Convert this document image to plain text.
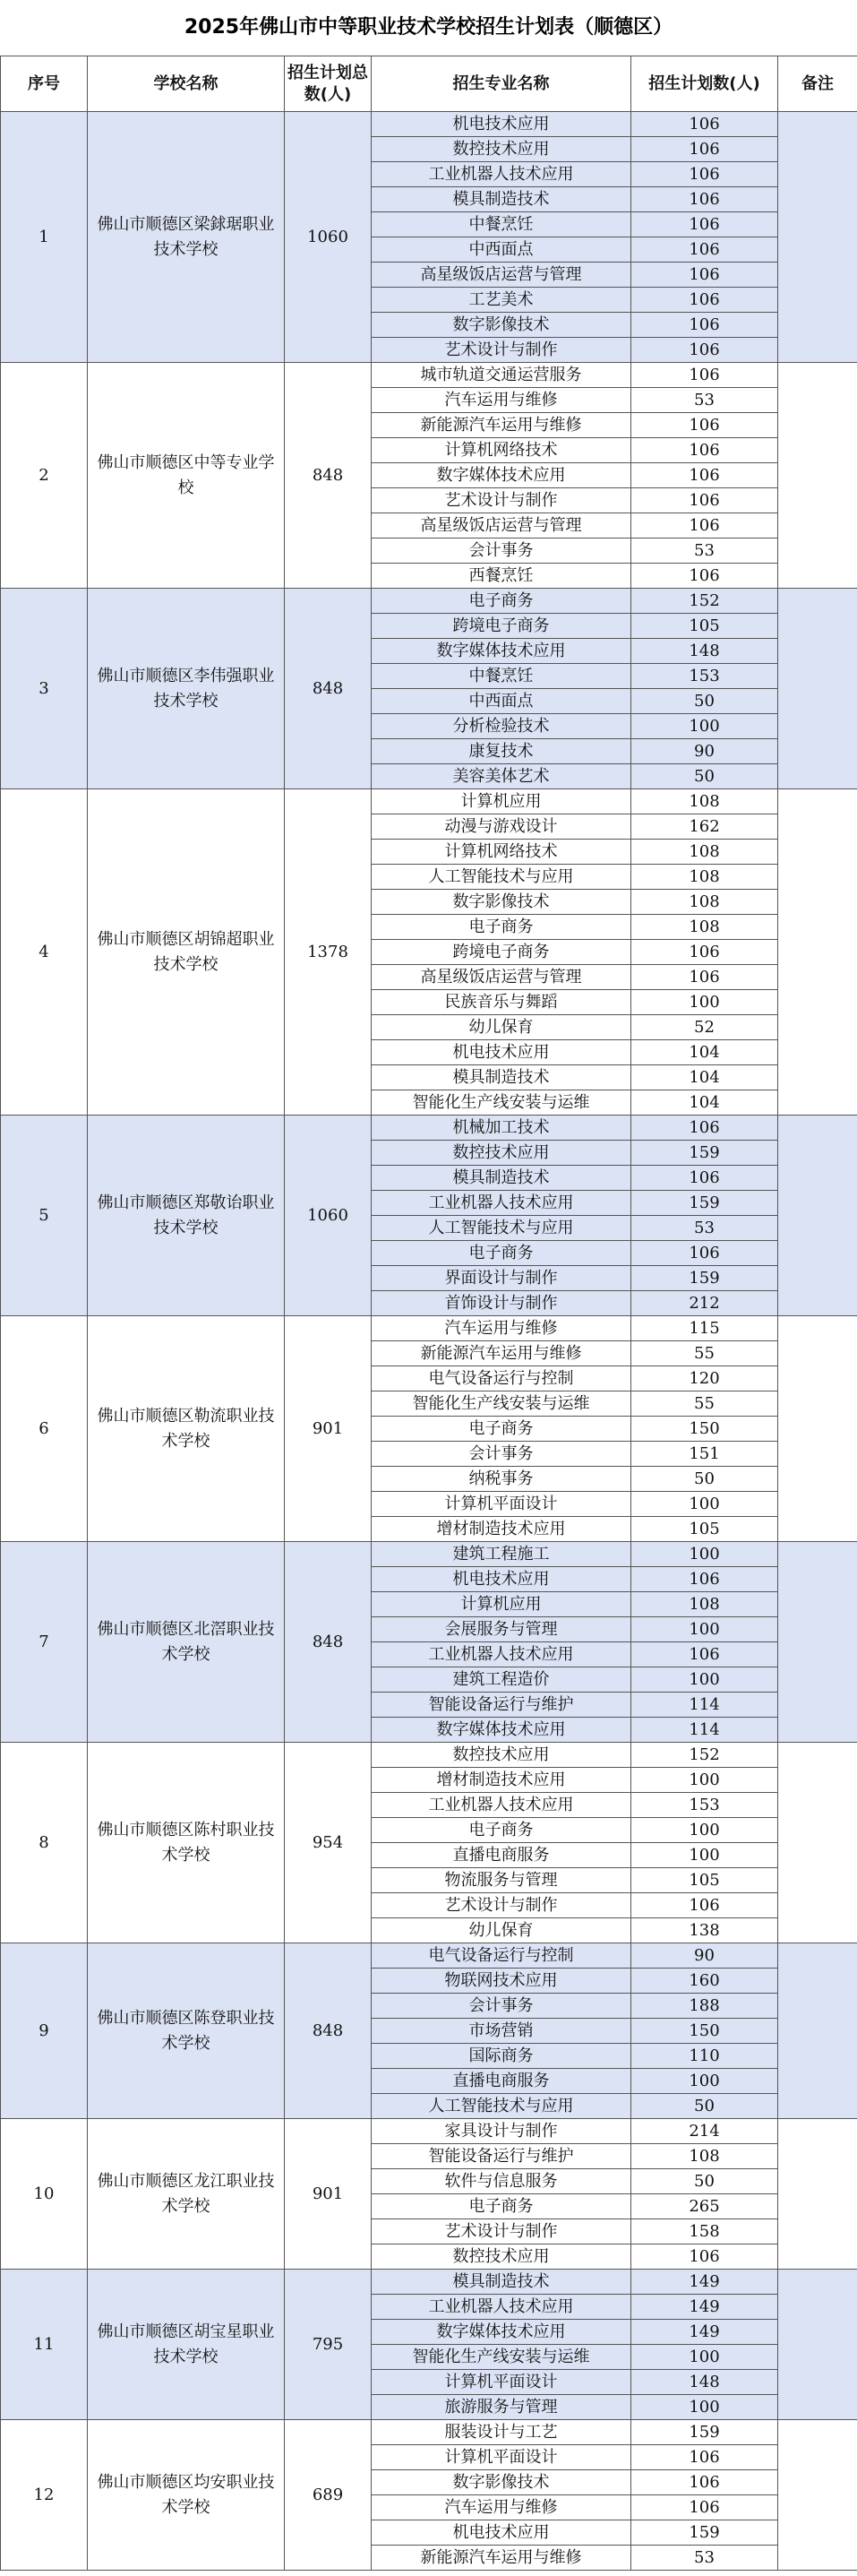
2025年佛山市中等职业技术学校招生计划表（顺德区）
序号	学校名称	招生计划总数(人)	招生专业名称	招生计划数(人)	备注
1	佛山市顺德区梁銶琚职业技术学校	1060	机电技术应用	106	
			数控技术应用	106	
			工业机器人技术应用	106	
			模具制造技术	106	
			中餐烹饪	106	
			中西面点	106	
			高星级饭店运营与管理	106	
			工艺美术	106	
			数字影像技术	106	
			艺术设计与制作	106	
2	佛山市顺德区中等专业学校	848	城市轨道交通运营服务	106	
			汽车运用与维修	53	
			新能源汽车运用与维修	106	
			计算机网络技术	106	
			数字媒体技术应用	106	
			艺术设计与制作	106	
			高星级饭店运营与管理	106	
			会计事务	53	
			西餐烹饪	106	
3	佛山市顺德区李伟强职业技术学校	848	电子商务	152	
			跨境电子商务	105	
			数字媒体技术应用	148	
			中餐烹饪	153	
			中西面点	50	
			分析检验技术	100	
			康复技术	90	
			美容美体艺术	50	
4	佛山市顺德区胡锦超职业技术学校	1378	计算机应用	108	
			动漫与游戏设计	162	
			计算机网络技术	108	
			人工智能技术与应用	108	
			数字影像技术	108	
			电子商务	108	
			跨境电子商务	106	
			高星级饭店运营与管理	106	
			民族音乐与舞蹈	100	
			幼儿保育	52	
			机电技术应用	104	
			模具制造技术	104	
			智能化生产线安装与运维	104	
5	佛山市顺德区郑敬诒职业技术学校	1060	机械加工技术	106	
			数控技术应用	159	
			模具制造技术	106	
			工业机器人技术应用	159	
			人工智能技术与应用	53	
			电子商务	106	
			界面设计与制作	159	
			首饰设计与制作	212	
6	佛山市顺德区勒流职业技术学校	901	汽车运用与维修	115	
			新能源汽车运用与维修	55	
			电气设备运行与控制	120	
			智能化生产线安装与运维	55	
			电子商务	150	
			会计事务	151	
			纳税事务	50	
			计算机平面设计	100	
			增材制造技术应用	105	
7	佛山市顺德区北滘职业技术学校	848	建筑工程施工	100	
			机电技术应用	106	
			计算机应用	108	
			会展服务与管理	100	
			工业机器人技术应用	106	
			建筑工程造价	100	
			智能设备运行与维护	114	
			数字媒体技术应用	114	
8	佛山市顺德区陈村职业技术学校	954	数控技术应用	152	
			增材制造技术应用	100	
			工业机器人技术应用	153	
			电子商务	100	
			直播电商服务	100	
			物流服务与管理	105	
			艺术设计与制作	106	
			幼儿保育	138	
9	佛山市顺德区陈登职业技术学校	848	电气设备运行与控制	90	
			物联网技术应用	160	
			会计事务	188	
			市场营销	150	
			国际商务	110	
			直播电商服务	100	
			人工智能技术与应用	50	
10	佛山市顺德区龙江职业技术学校	901	家具设计与制作	214	
			智能设备运行与维护	108	
			软件与信息服务	50	
			电子商务	265	
			艺术设计与制作	158	
			数控技术应用	106	
11	佛山市顺德区胡宝星职业技术学校	795	模具制造技术	149	
			工业机器人技术应用	149	
			数字媒体技术应用	149	
			智能化生产线安装与运维	100	
			计算机平面设计	148	
			旅游服务与管理	100	
12	佛山市顺德区均安职业技术学校	689	服装设计与工艺	159	
			计算机平面设计	106	
			数字影像技术	106	
			汽车运用与维修	106	
			机电技术应用	159	
			新能源汽车运用与维修	53	
